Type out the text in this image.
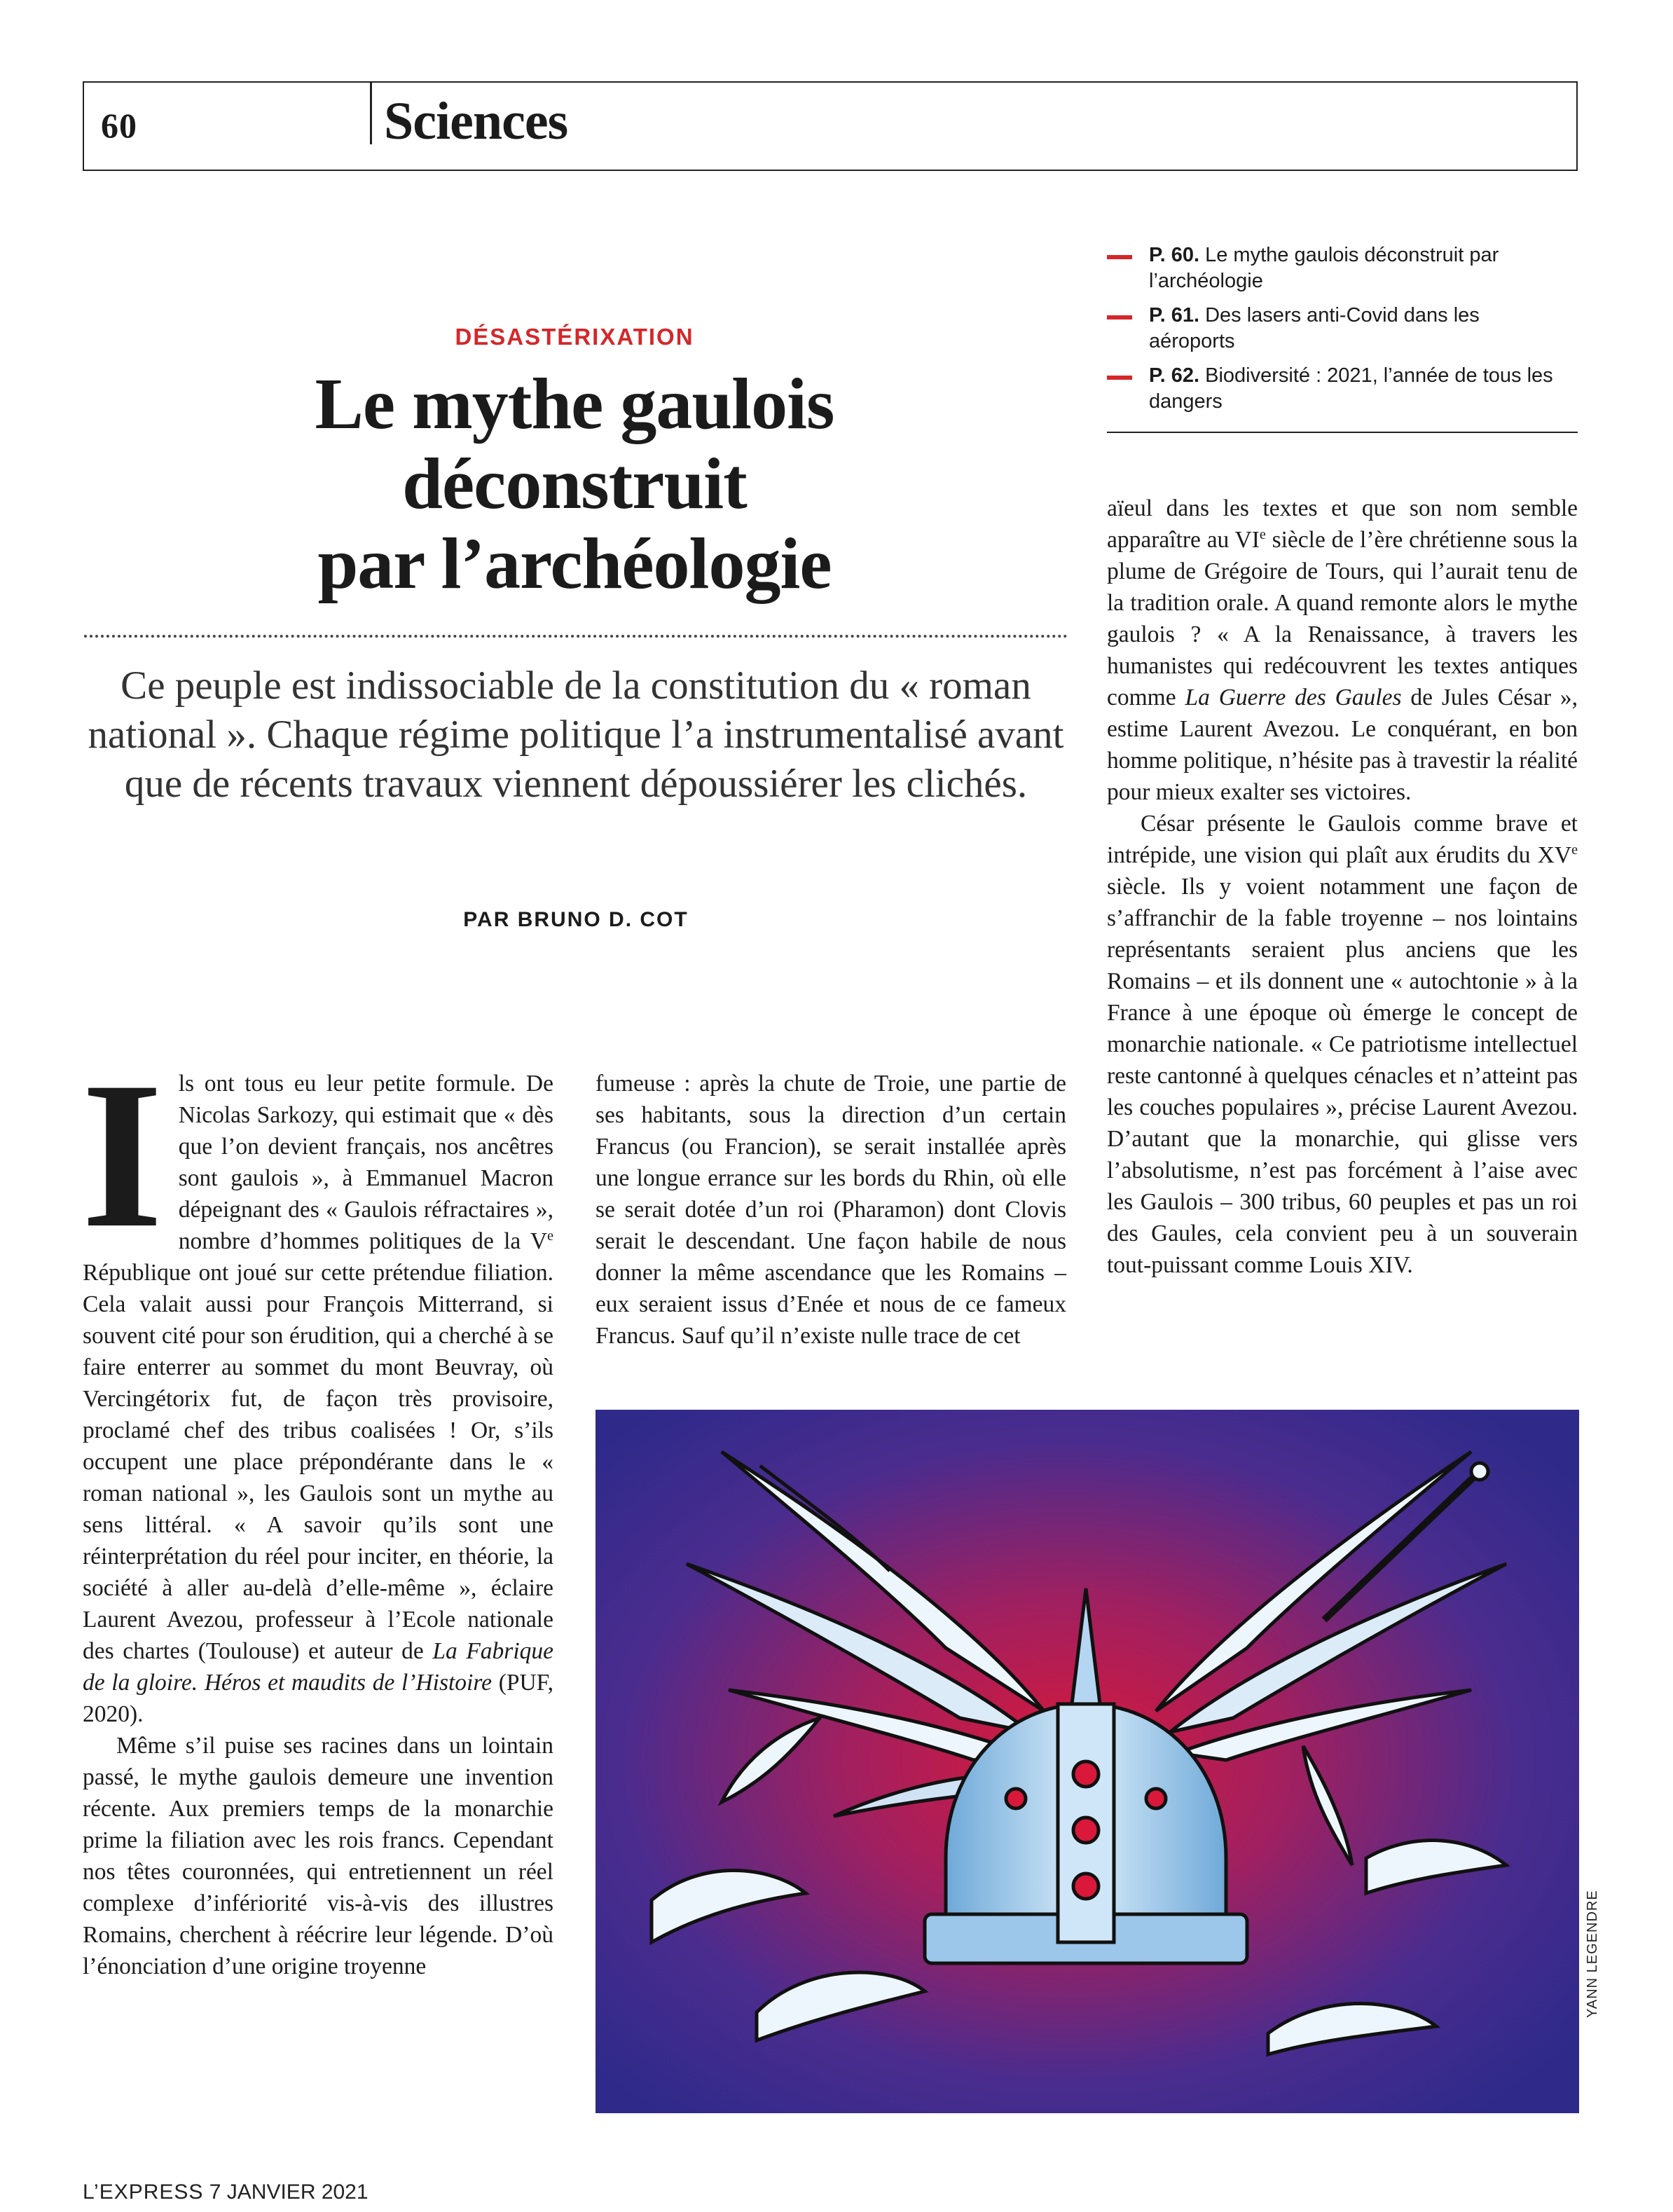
60	Sciences
P. 60. Le mythe gaulois déconstruit par l’archéologie
P. 61. Des lasers anti-Covid dans les aéroports
P. 62. Biodiversité : 2021, l’année de tous les dangers
DÉSASTÉRIXATION
Le mythe gaulois
déconstruit
par l’archéologie
Ce peuple est indissociable de la constitution du « roman national ». Chaque régime politique l’a instrumentalisé avant que de récents travaux viennent dépoussiérer les clichés.
PAR BRUNO D. COT

Ils ont tous eu leur petite formule. De Nicolas Sarkozy, qui estimait que « dès que l’on devient français, nos ancêtres sont gaulois », à Emmanuel Macron dépeignant des « Gaulois réfractaires », nombre d’hommes politiques de la Ve République ont joué sur cette prétendue filiation. Cela valait aussi pour François Mitterrand, si souvent cité pour son érudition, qui a cherché à se faire enterrer au sommet du mont Beuvray, où Vercingétorix fut, de façon très provisoire, proclamé chef des tribus coalisées ! Or, s’ils occupent une place prépondérante dans le « roman national », les Gaulois sont un mythe au sens littéral. « A savoir qu’ils sont une réinterprétation du réel pour inciter, en théorie, la société à aller au-delà d’elle-même », éclaire Laurent Avezou, professeur à l’Ecole nationale des chartes (Toulouse) et auteur de La Fabrique de la gloire. Héros et maudits de l’Histoire (PUF, 2020).

Même s’il puise ses racines dans un lointain passé, le mythe gaulois demeure une invention récente. Aux premiers temps de la monarchie prime la filiation avec les rois francs. Cependant nos têtes couronnées, qui entretiennent un réel complexe d’infériorité vis-à-vis des illustres Romains, cherchent à réécrire leur légende. D’où l’énonciation d’une origine troyenne

fumeuse : après la chute de Troie, une partie de ses habitants, sous la direction d’un certain Francus (ou Francion), se serait installée après une longue errance sur les bords du Rhin, où elle se serait dotée d’un roi (Pharamon) dont Clovis serait le descendant. Une façon habile de nous donner la même ascendance que les Romains – eux seraient issus d’Enée et nous de ce fameux Francus. Sauf qu’il n’existe nulle trace de cet

aïeul dans les textes et que son nom semble apparaître au VIe siècle de l’ère chrétienne sous la plume de Grégoire de Tours, qui l’aurait tenu de la tradition orale. A quand remonte alors le mythe gaulois ? « A la Renaissance, à travers les humanistes qui redécouvrent les textes antiques comme La Guerre des Gaules de Jules César », estime Laurent Avezou. Le conquérant, en bon homme politique, n’hésite pas à travestir la réalité pour mieux exalter ses victoires.

César présente le Gaulois comme brave et intrépide, une vision qui plaît aux érudits du XVe siècle. Ils y voient notamment une façon de s’affranchir de la fable troyenne – nos lointains représentants seraient plus anciens que les Romains – et ils donnent une « autochtonie » à la France à une époque où émerge le concept de monarchie nationale. « Ce patriotisme intellectuel reste cantonné à quelques cénacles et n’atteint pas les couches populaires », précise Laurent Avezou. D’autant que la monarchie, qui glisse vers l’absolutisme, n’est pas forcément à l’aise avec les Gaulois – 300 tribus, 60 peuples et pas un roi des Gaules, cela convient peu à un souverain tout-puissant comme Louis XIV.

YANN LEGENDRE
L’EXPRESS 7 JANVIER 2021
